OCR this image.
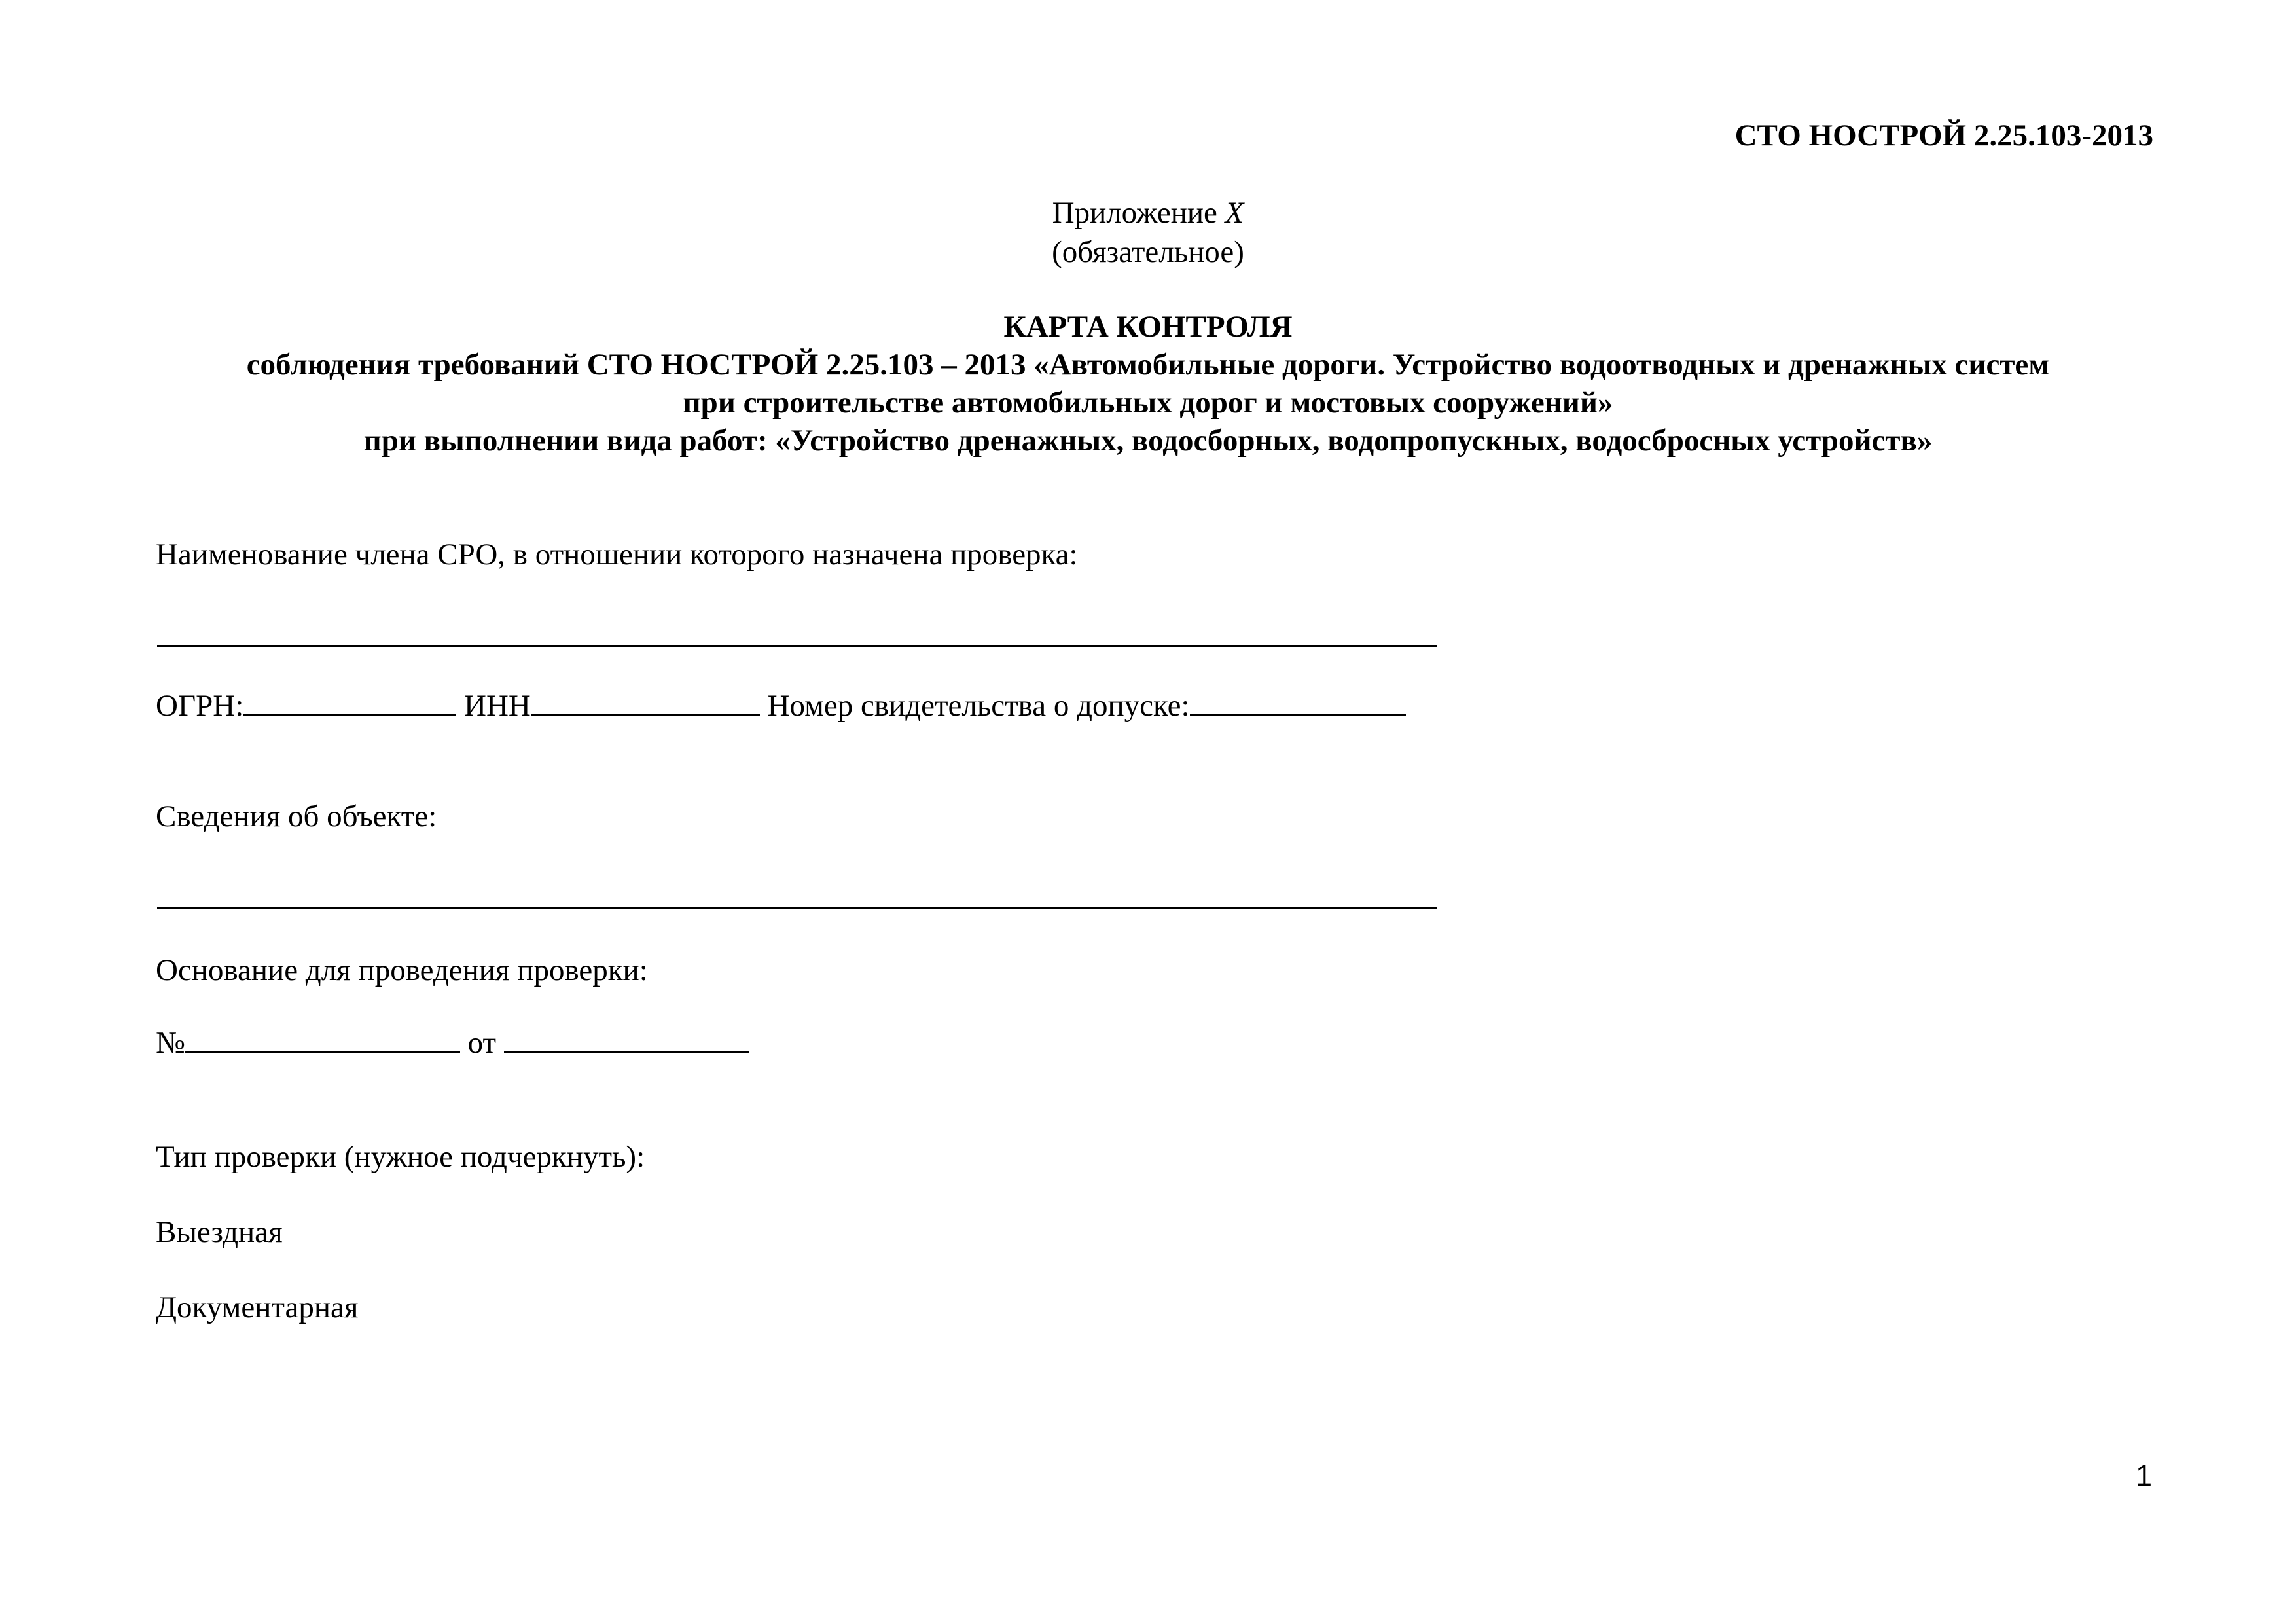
СТО НОСТРОЙ 2.25.103-2013
Приложение X
(обязательное)
КАРТА КОНТРОЛЯ
соблюдения требований СТО НОСТРОЙ 2.25.103 – 2013 «Автомобильные дороги. Устройство водоотводных и дренажных систем
при строительстве автомобильных дорог и мостовых сооружений»
при выполнении вида работ: «Устройство дренажных, водосборных, водопропускных, водосбросных устройств»
Наименование члена СРО, в отношении которого назначена проверка:
ОГРН:	ИНН	Номер свидетельства о допуске:
Сведения об объекте:
Основание для проведения проверки:
№	от
Тип проверки (нужное подчеркнуть):
Выездная
Документарная
1
